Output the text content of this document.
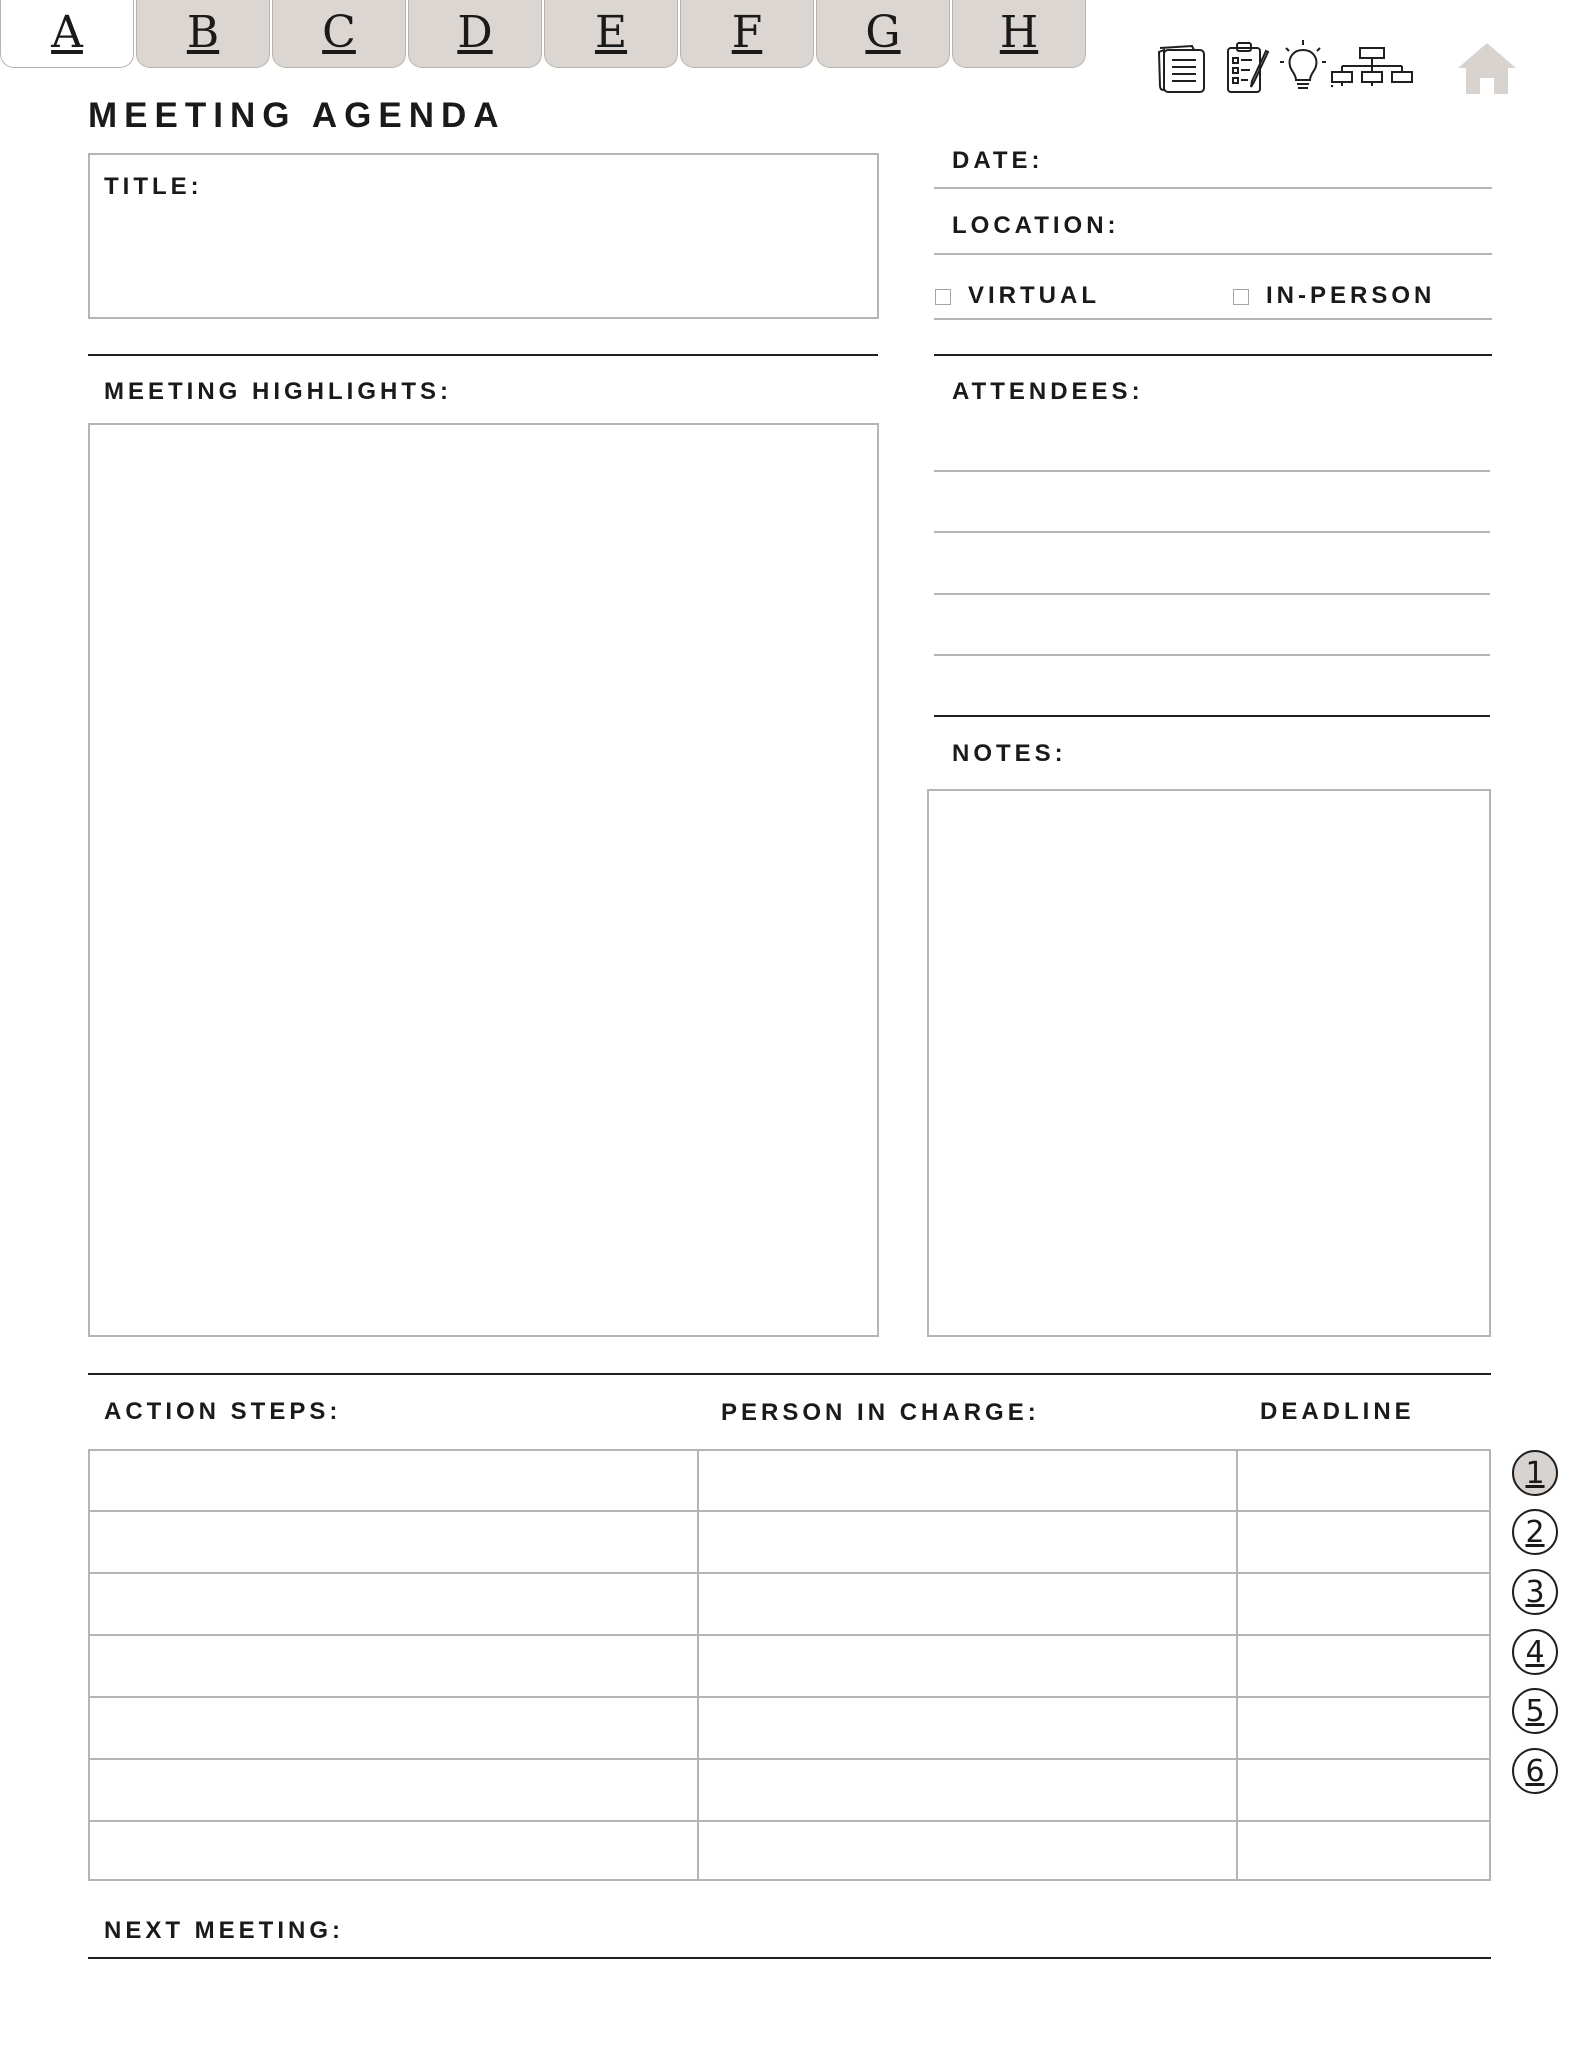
A B C D E F G H
MEETING AGENDA
TITLE:
DATE:
LOCATION:
VIRTUAL	IN-PERSON
MEETING HIGHLIGHTS:	ATTENDEES:
NOTES:
ACTION STEPS:	PERSON IN CHARGE:	DEADLINE
1
2
3
4
5
6
NEXT MEETING:
